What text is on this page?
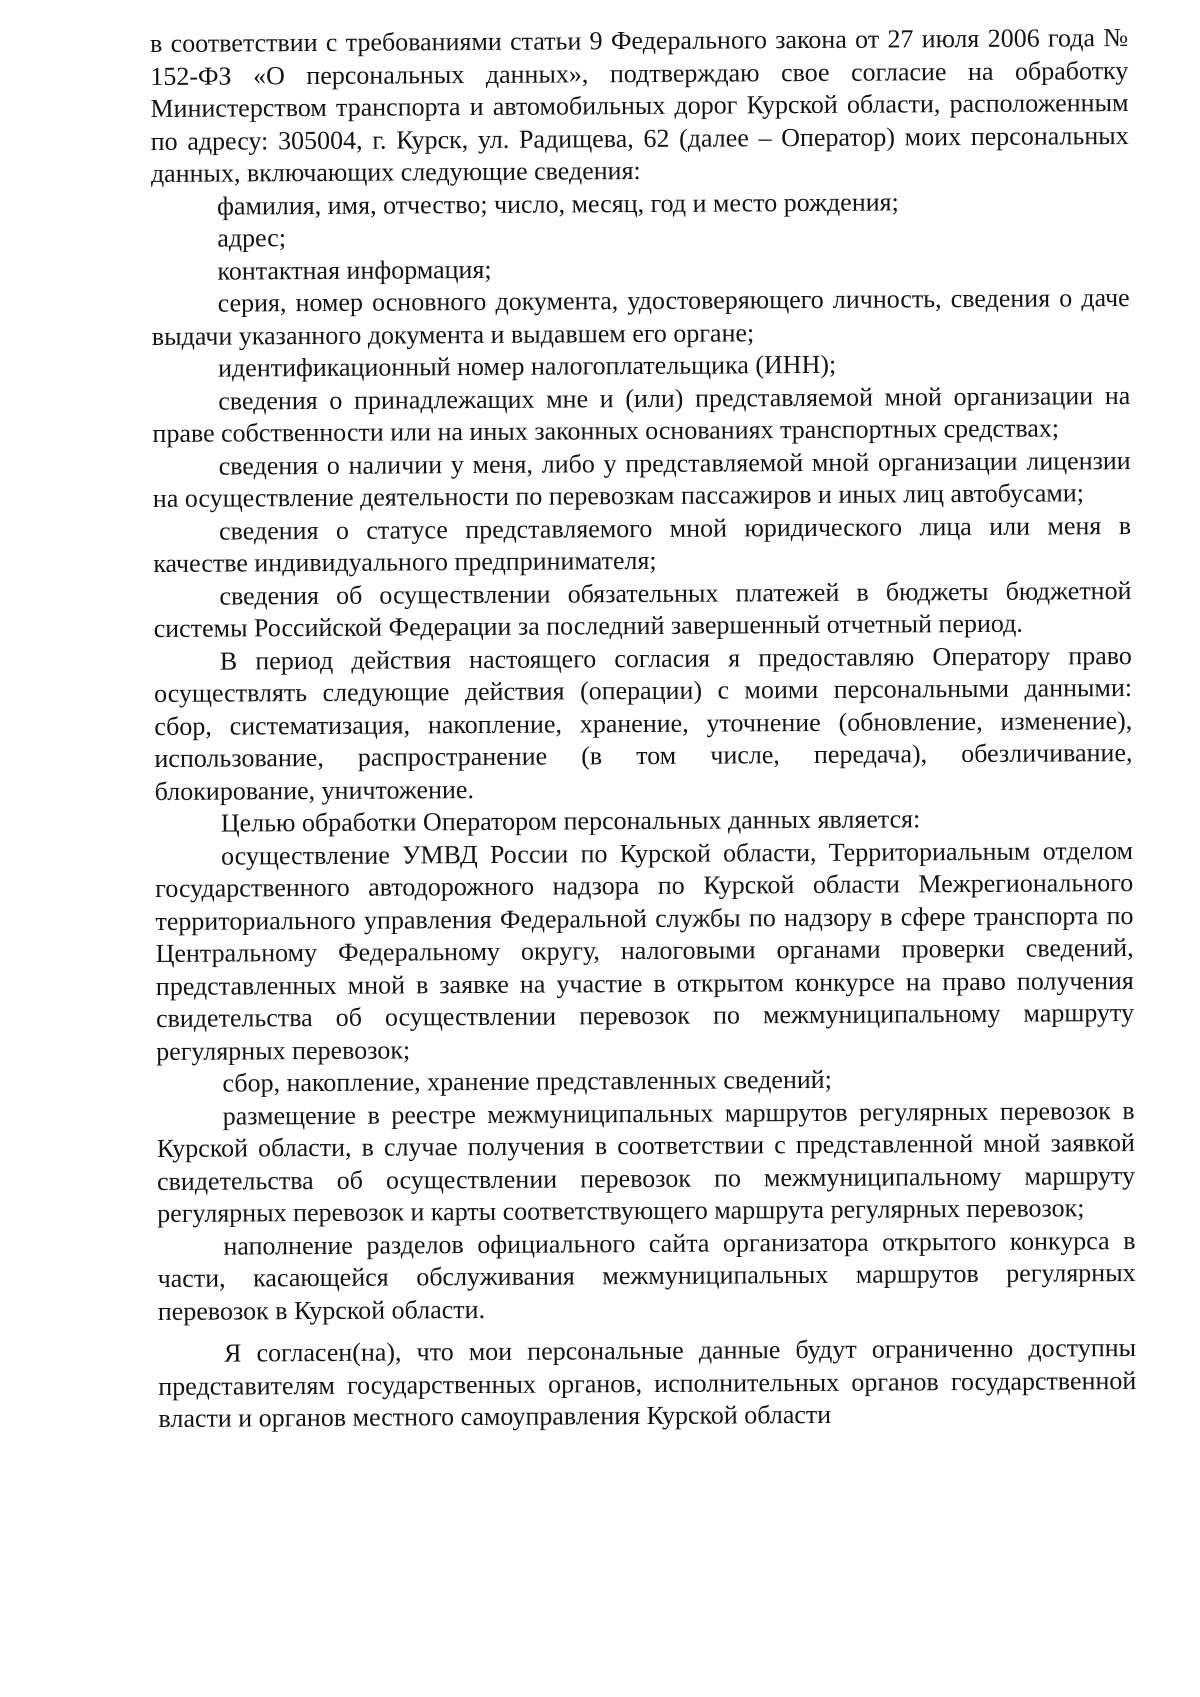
в соответствии с требованиями статьи 9 Федерального закона от 27 июля 2006 года № 152-ФЗ «О персональных данных», подтверждаю свое согласие на обработку Министерством транспорта и автомобильных дорог Курской области, расположенным по адресу: 305004, г. Курск, ул. Радищева, 62 (далее – Оператор) моих персональных данных, включающих следующие сведения:

фамилия, имя, отчество; число, месяц, год и место рождения;

адрес;

контактная информация;

серия, номер основного документа, удостоверяющего личность, сведения о даче выдачи указанного документа и выдавшем его органе;

идентификационный номер налогоплательщика (ИНН);

сведения о принадлежащих мне и (или) представляемой мной организации на праве собственности или на иных законных основаниях транспортных средствах;

сведения о наличии у меня, либо у представляемой мной организации лицензии на осуществление деятельности по перевозкам пассажиров и иных лиц автобусами;

сведения о статусе представляемого мной юридического лица или меня в качестве индивидуального предпринимателя;

сведения об осуществлении обязательных платежей в бюджеты бюджетной системы Российской Федерации за последний завершенный отчетный период.

В период действия настоящего согласия я предоставляю Оператору право осуществлять следующие действия (операции) с моими персональными данными: сбор, систематизация, накопление, хранение, уточнение (обновление, изменение), использование, распространение (в том числе, передача), обезличивание, блокирование, уничтожение.

Целью обработки Оператором персональных данных является:

осуществление УМВД России по Курской области, Территориальным отделом государственного автодорожного надзора по Курской области Межрегионального территориального управления Федеральной службы по надзору в сфере транспорта по Центральному Федеральному округу, налоговыми органами проверки сведений, представленных мной в заявке на участие в открытом конкурсе на право получения свидетельства об осуществлении перевозок по межмуниципальному маршруту регулярных перевозок;

сбор, накопление, хранение представленных сведений;

размещение в реестре межмуниципальных маршрутов регулярных перевозок в Курской области, в случае получения в соответствии с представленной мной заявкой свидетельства об осуществлении перевозок по межмуниципальному маршруту регулярных перевозок и карты соответствующего маршрута регулярных перевозок;

наполнение разделов официального сайта организатора открытого конкурса в части, касающейся обслуживания межмуниципальных маршрутов регулярных перевозок в Курской области.

Я согласен(на), что мои персональные данные будут ограниченно доступны представителям государственных органов, исполнительных органов государственной власти и органов местного самоуправления Курской области
